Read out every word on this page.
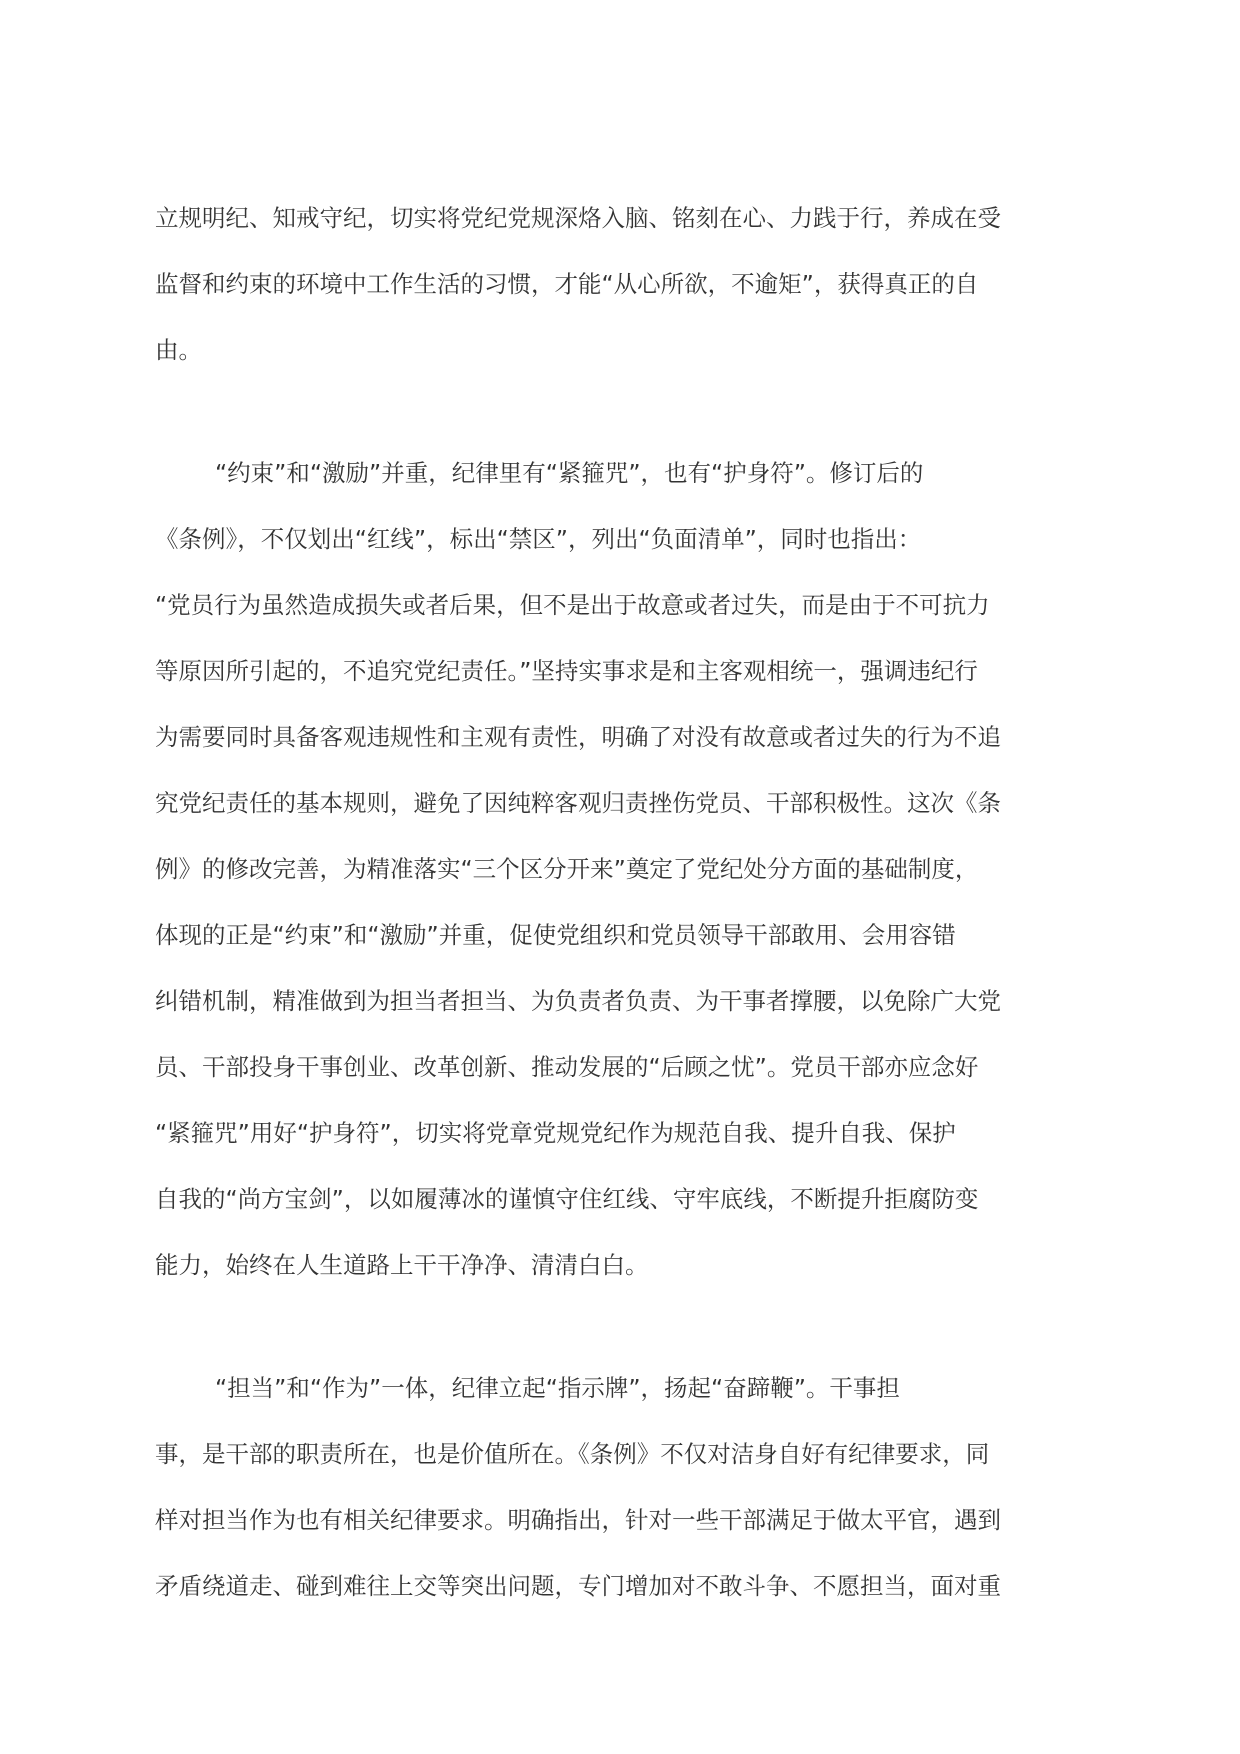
立规明纪、知戒守纪，切实将党纪党规深烙入脑、铭刻在心、力践于行，养成在受
监督和约束的环境中工作生活的习惯，才能“从心所欲，不逾矩”，获得真正的自
由。
“约束”和“激励”并重，纪律里有“紧箍咒”，也有“护身符”。修订后的
《条例》，不仅划出“红线”，标出“禁区”，列出“负面清单”，同时也指出：
“党员行为虽然造成损失或者后果，但不是出于故意或者过失，而是由于不可抗力
等原因所引起的，不追究党纪责任。”坚持实事求是和主客观相统一，强调违纪行
为需要同时具备客观违规性和主观有责性，明确了对没有故意或者过失的行为不追
究党纪责任的基本规则，避免了因纯粹客观归责挫伤党员、干部积极性。这次《条
例》的修改完善，为精准落实“三个区分开来”奠定了党纪处分方面的基础制度，
体现的正是“约束”和“激励”并重，促使党组织和党员领导干部敢用、会用容错
纠错机制，精准做到为担当者担当、为负责者负责、为干事者撑腰，以免除广大党
员、干部投身干事创业、改革创新、推动发展的“后顾之忧”。党员干部亦应念好
“紧箍咒”用好“护身符”，切实将党章党规党纪作为规范自我、提升自我、保护
自我的“尚方宝剑”，以如履薄冰的谨慎守住红线、守牢底线，不断提升拒腐防变
能力，始终在人生道路上干干净净、清清白白。
“担当”和“作为”一体，纪律立起“指示牌”，扬起“奋蹄鞭”。干事担
事，是干部的职责所在，也是价值所在。《条例》不仅对洁身自好有纪律要求，同
样对担当作为也有相关纪律要求。明确指出，针对一些干部满足于做太平官，遇到
矛盾绕道走、碰到难往上交等突出问题，专门增加对不敢斗争、不愿担当，面对重
